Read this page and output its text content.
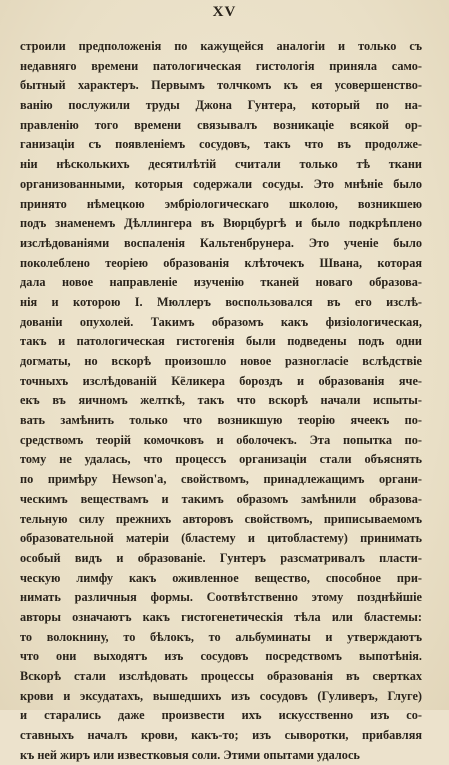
XV
строили предположенія по кажущейся аналогіи и только съ
недавняго времени патологическая гистологія приняла само-
бытный характеръ. Первымъ толчкомъ къ ея усовершенство-
ванію послужили труды Джона Гунтера, который по на-
правленію того времени связывалъ возникаціе всякой ор-
ганизаціи съ появленіемъ сосудовъ, такъ что въ продолже-
ніи нѣсколькихъ десятилѣтій считали только тѣ ткани
организованными, которыя содержали сосуды. Это мнѣніе было
принято нѣмецкою эмбріологическаго школою, возникшею
подъ знаменемъ Дѣллингера въ Вюрцбургѣ и было подкрѣплено
изслѣдованіями воспаленія Кальтенбрунера. Это ученіе было
поколеблено теоріею образованія клѣточекъ Швана, которая
дала новое направленіе изученію тканей новаго образова-
нія и которою І. Мюллеръ воспользовался въ его изслѣ-
дованіи опухолей. Такимъ образомъ какъ физіологическая,
такъ и патологическая гистогенія были подведены подъ одни
догматы, но вскорѣ произошло новое разногласіе вслѣдствіе
точныхъ изслѣдованій Кёликера бороздъ и образованія яче-
екъ въ яичномъ желткѣ, такъ что вскорѣ начали испыты-
вать замѣнить только что возникшую теорію ячеекъ по-
средствомъ теорій комочковъ и оболочекъ. Эта попытка по-
тому не удалась, что процессъ организаціи стали объяснять
по примѣру Hewson'а, свойствомъ, принадлежащимъ органи-
ческимъ веществамъ и такимъ образомъ замѣнили образова-
тельную силу прежнихъ авторовъ свойствомъ, приписываемомъ
образовательной матеріи (бластему и цитобластему) принимать
особый видъ и образованіе. Гунтеръ разсматривалъ пласти-
ческую лимфу какъ оживленное вещество, способное при-
нимать различныя формы. Соотвѣтственно этому позднѣйшіе
авторы означаютъ какъ гистогенетическія тѣла или бластемы:
то волокнину, то бѣлокъ, то альбуминаты и утверждаютъ
что они выходятъ изъ сосудовъ посредствомъ выпотѣнія.
Вскорѣ стали изслѣдовать процессы образованія въ свертках
крови и эксудатахъ, вышедшихъ изъ сосудовъ (Гуливеръ, Глуге)
и старались даже произвести ихъ искусственно изъ со-
ставныхъ началъ крови, какъ-то; изъ сыворотки, прибавляя
къ ней жиръ или известковыя соли. Этими опытами удалось
